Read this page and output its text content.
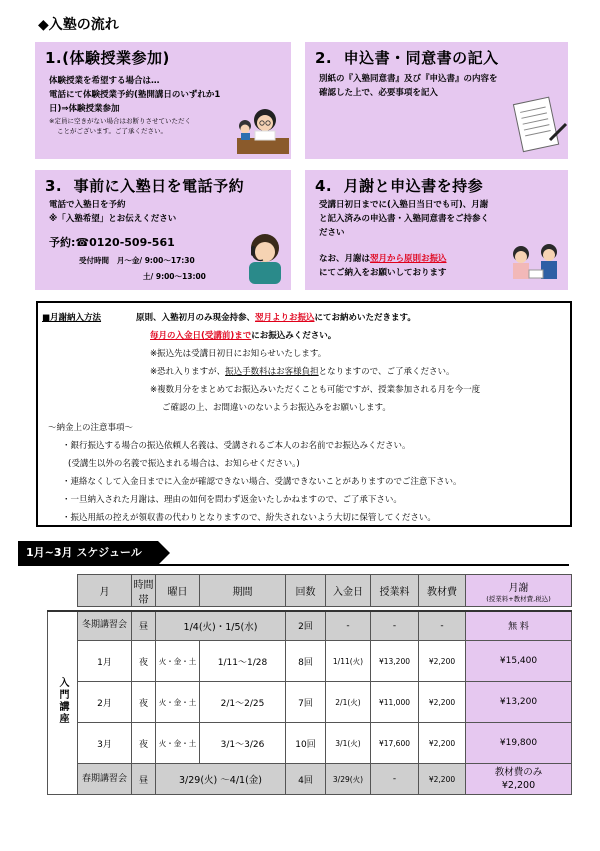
◆入塾の流れ
1.(体験授業参加)
体験授業を希望する場合は…
電話にて体験授業予約(塾開講日のいずれか1
日)⇒体験授業参加
※定員に空きがない場合はお断りさせていただく
ことがございます。ご了承ください。
2. 申込書・同意書の記入
別紙の『入塾同意書』及び『申込書』の内容を
確認した上で、必要事項を記入
3. 事前に入塾日を電話予約
電話で入塾日を予約
※「入塾希望」とお伝えください
予約:☎0120-509-561
受付時間 月〜金/ 9:00〜17:30
土/ 9:00〜13:00
4. 月謝と申込書を持参
受講日初日までに(入塾日当日でも可)、月謝
と記入済みの申込書・入塾同意書をご持参く
ださい
なお、月謝は翌月から原則お振込
にてご納入をお願いしております
■月謝納入方法	原則、入塾初月のみ現金持参、翌月よりお振込にてお納めいただきます。
毎月の入金日(受講前)までにお振込みください。
※振込先は受講日初日にお知らせいたします。
※恐れ入りますが、振込手数料はお客様負担となりますので、ご了承ください。
※複数月分をまとめてお振込みいただくことも可能ですが、授業参加される月を今一度
ご確認の上、お間違いのないようお振込みをお願いします。
〜納金上の注意事項〜
・銀行振込する場合の振込依頼人名義は、受講されるご本人のお名前でお振込みください。
(受講生以外の名義で振込まれる場合は、お知らせください。)
・連絡なくして入金日までに入金が確認できない場合、受講できないことがありますのでご注意下さい。
・一旦納入された月謝は、理由の如何を問わず返金いたしかねますので、ご了承下さい。
・振込用紙の控えが領収書の代わりとなりますので、紛失されないよう大切に保管してください。
1月~3月 スケジュール
	月	時間帯	曜日	期間	回数	入金日	授業料	教材費	月謝
(授業料+教材費,税込)

入門講座	冬期講習会	昼	1/4(火)・1/5(水)		2回	-	-	-	無 料
	1月	夜	火・金・土	1/11〜1/28	8回	1/11(火)	¥13,200	¥2,200	¥15,400
	2月	夜	火・金・土	2/1〜2/25	7回	2/1(火)	¥11,000	¥2,200	¥13,200
	3月	夜	火・金・土	3/1〜3/26	10回	3/1(火)	¥17,600	¥2,200	¥19,800
	春期講習会	昼	3/29(火) 〜4/1(金)		4回	3/29(火)	-	¥2,200	教材費のみ
¥2,200
